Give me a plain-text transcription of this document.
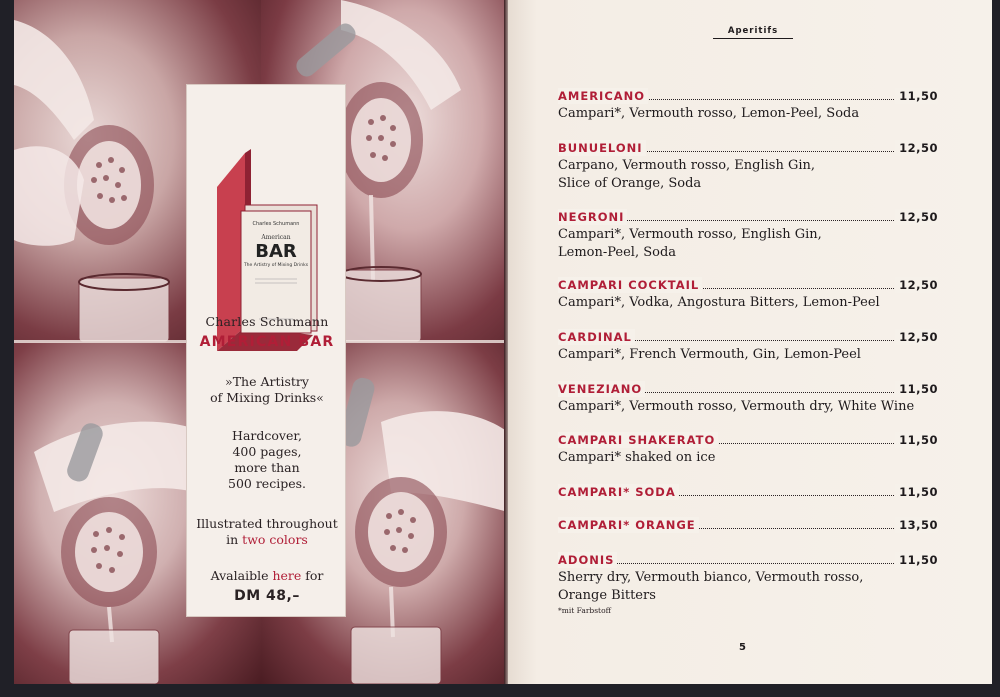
Charles Schumann
American
BAR
The Artistry of Mixing Drinks
Charles Schumann
AMERICAN BAR
»The Artistry
of Mixing Drinks«
Hardcover,
400 pages,
more than
500 recipes.
Illustrated throughout
in two colors
Avalaible here for
DM 48,–
Aperitifs
AMERICANO	11,50
Campari*, Vermouth rosso, Lemon-Peel, Soda
BUNUELONI	12,50
Carpano, Vermouth rosso, English Gin,
Slice of Orange, Soda
NEGRONI	12,50
Campari*, Vermouth rosso, English Gin,
Lemon-Peel, Soda
CAMPARI COCKTAIL	12,50
Campari*, Vodka, Angostura Bitters, Lemon-Peel
CARDINAL	12,50
Campari*, French Vermouth, Gin, Lemon-Peel
VENEZIANO	11,50
Campari*, Vermouth rosso, Vermouth dry, White Wine
CAMPARI SHAKERATO	11,50
Campari* shaked on ice
CAMPARI* SODA	11,50
CAMPARI* ORANGE	13,50
ADONIS	11,50
Sherry dry, Vermouth bianco, Vermouth rosso,
Orange Bitters
*mit Farbstoff
5
